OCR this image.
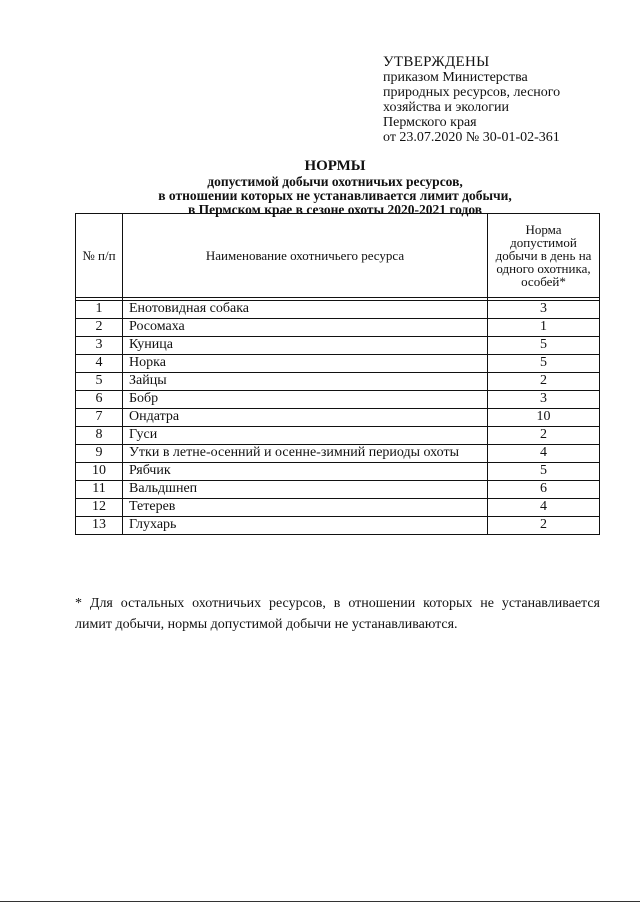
УТВЕРЖДЕНЫ
приказом Министерства
природных ресурсов, лесного
хозяйства и экологии
Пермского края
от 23.07.2020 № 30-01-02-361
НОРМЫ
допустимой добычи охотничьих ресурсов,
в отношении которых не устанавливается лимит добычи,
в Пермском крае в сезоне охоты 2020-2021 годов
№ п/п	Наименование охотничьего ресурса	Норма допустимой добычи в день на одного охотника, особей*

1	Енотовидная собака	3
2	Росомаха	1
3	Куница	5
4	Норка	5
5	Зайцы	2
6	Бобр	3
7	Ондатра	10
8	Гуси	2
9	Утки в летне-осенний и осенне-зимний периоды охоты	4
10	Рябчик	5
11	Вальдшнеп	6
12	Тетерев	4
13	Глухарь	2
* Для остальных охотничьих ресурсов, в отношении которых не устанавливается лимит добычи, нормы допустимой добычи не устанавливаются.
